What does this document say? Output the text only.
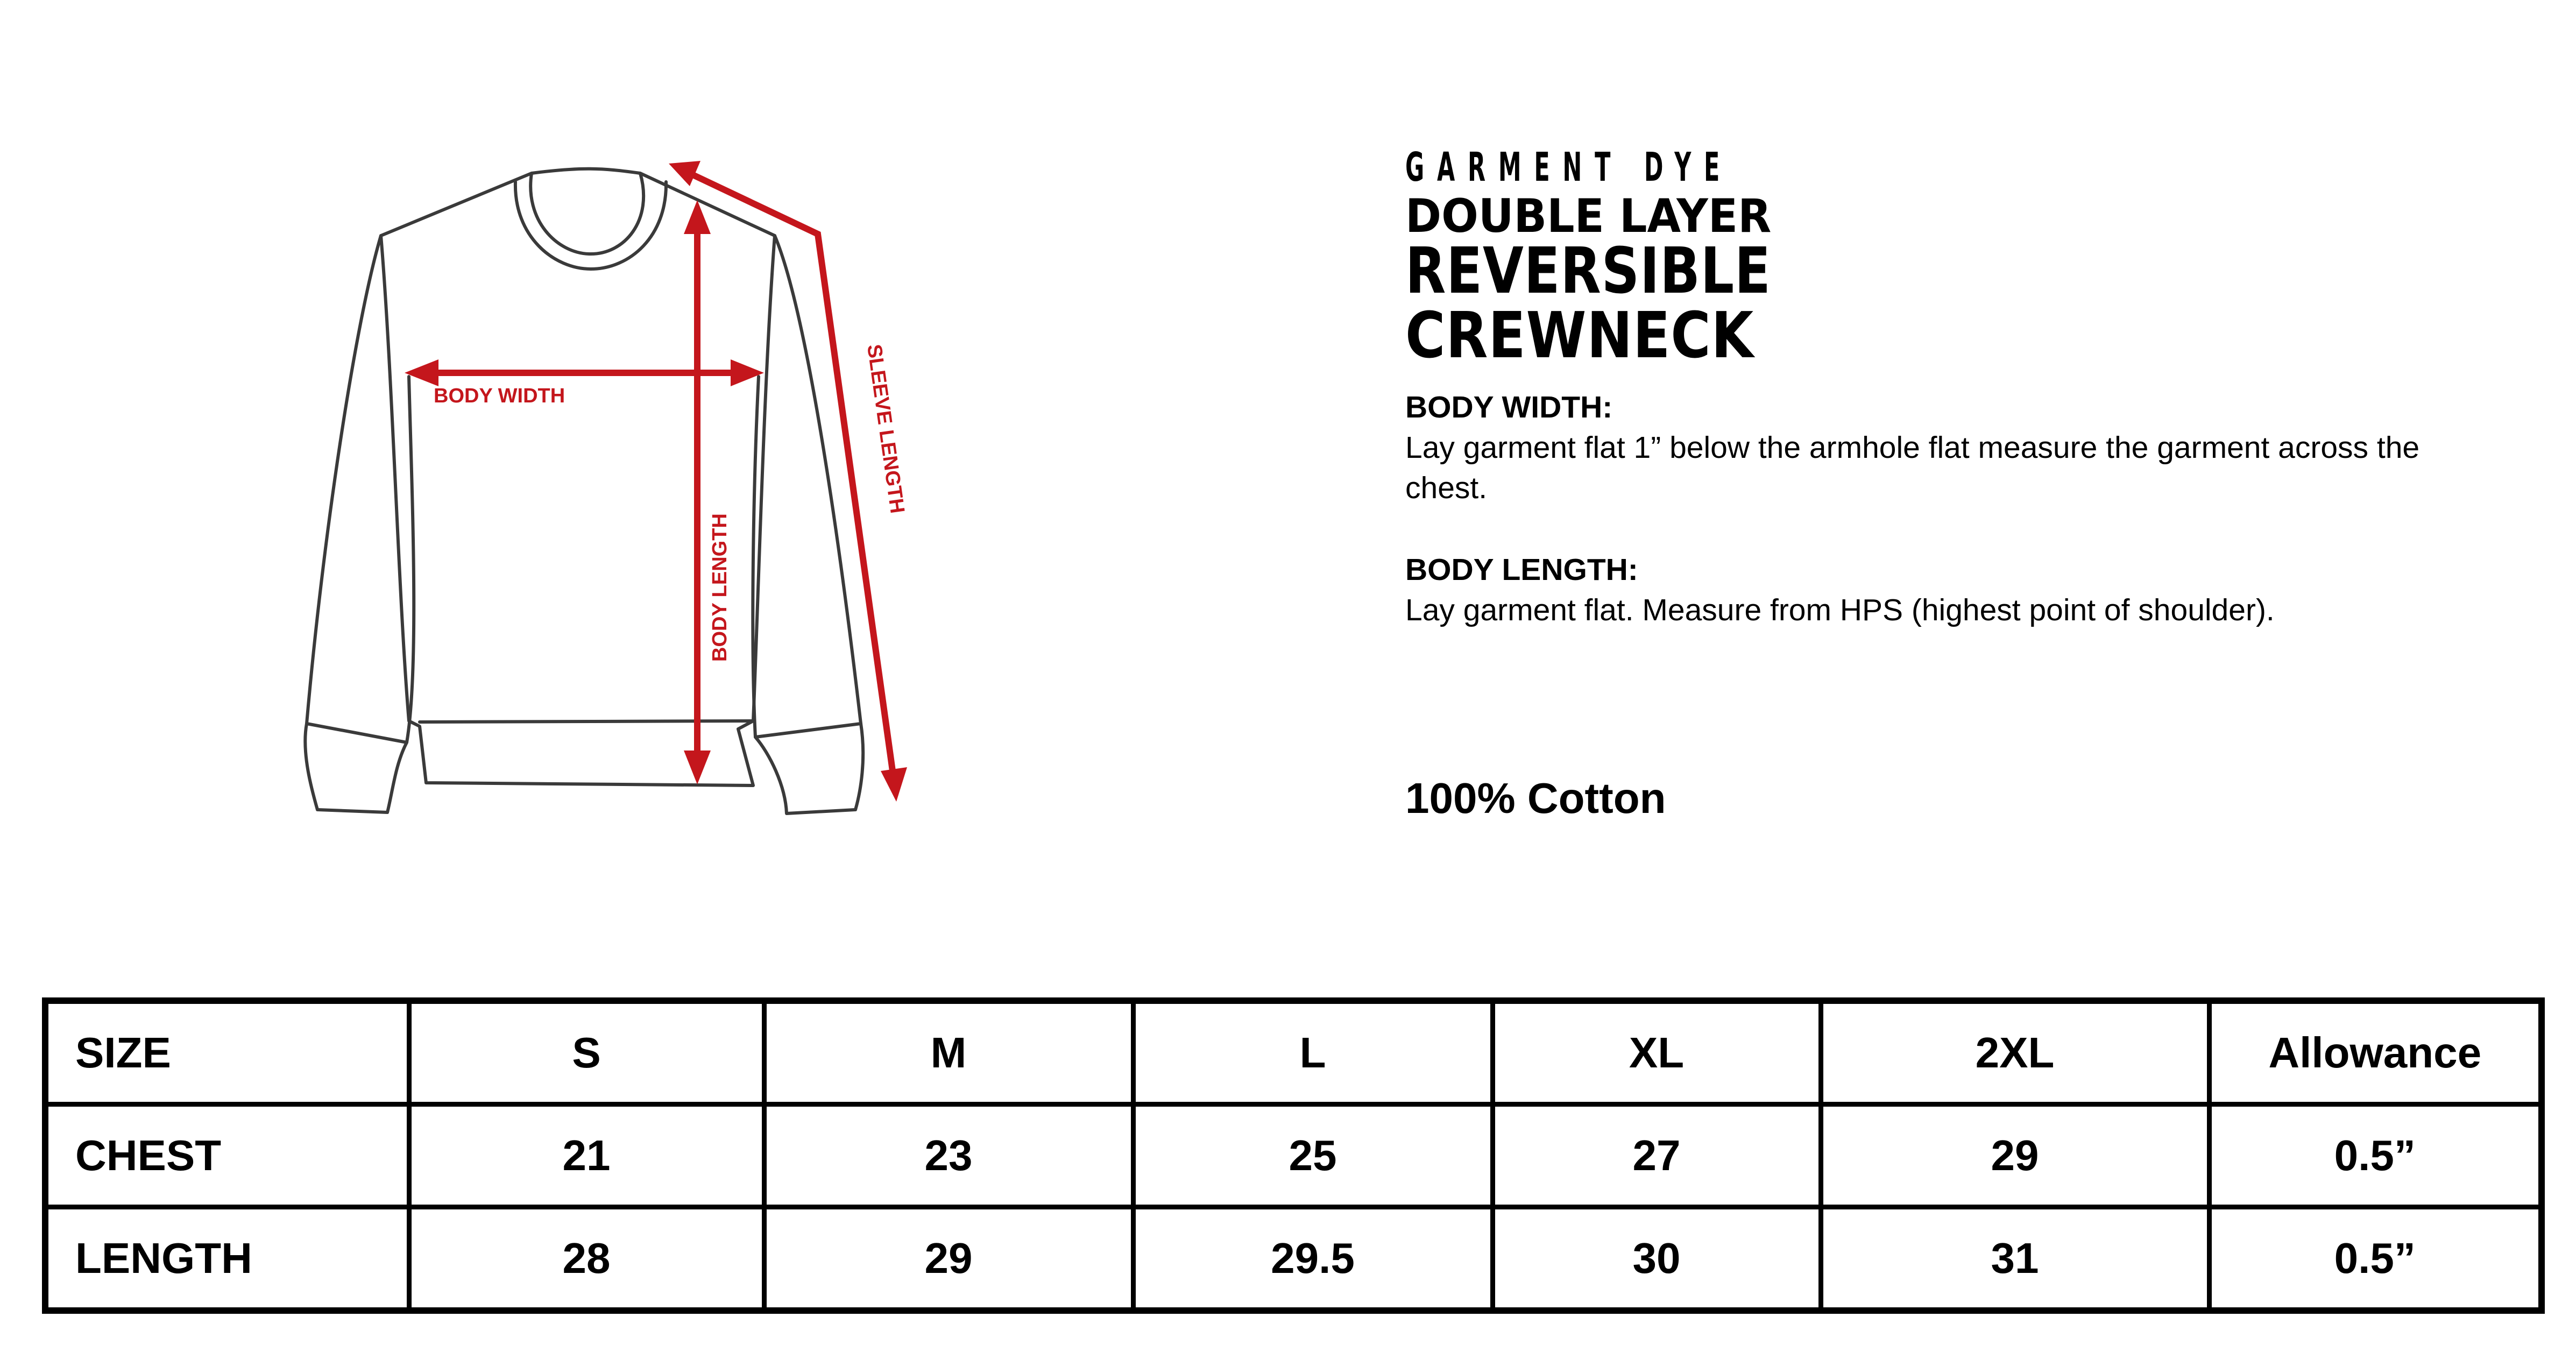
BODY WIDTH
BODY LENGTH
SLEEVE LENGTH
GARMENT DYE
DOUBLE LAYER
REVERSIBLE
CREWNECK
BODY WIDTH:
Lay garment flat 1” below the armhole flat measure the garment across the chest.
BODY LENGTH:
Lay garment flat. Measure from HPS (highest point of shoulder).
100% Cotton
SIZE	S	M	L	XL	2XL	Allowance
CHEST	21	23	25	27	29	0.5”
LENGTH	28	29	29.5	30	31	0.5”
